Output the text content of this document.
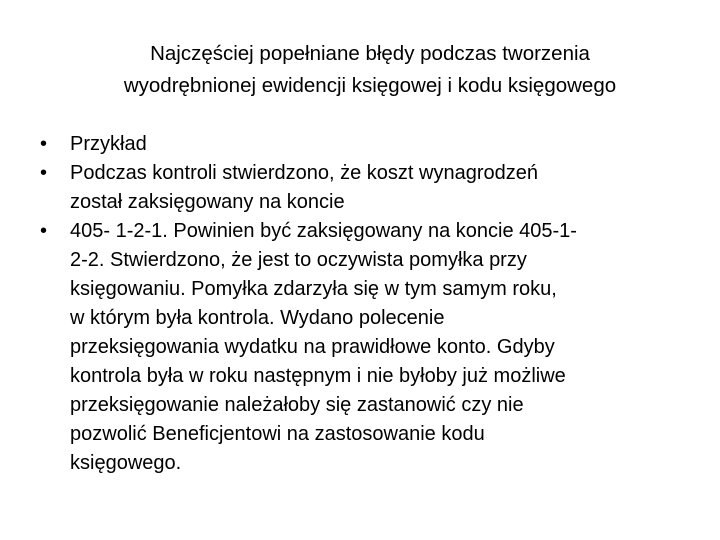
Najczęściej popełniane błędy podczas tworzenia
wyodrębnionej ewidencji księgowej i kodu księgowego
•	Przykład
•	Podczas kontroli stwierdzono, że koszt wynagrodzeń
został zaksięgowany na koncie
•	405- 1-2-1. Powinien być zaksięgowany na koncie 405-1-
2-2. Stwierdzono, że jest to oczywista pomyłka przy
księgowaniu. Pomyłka zdarzyła się w tym samym roku,
w którym była kontrola. Wydano polecenie
przeksięgowania wydatku na prawidłowe konto. Gdyby
kontrola była w roku następnym i nie byłoby już możliwe
przeksięgowanie należałoby się zastanowić czy nie
pozwolić Beneficjentowi na zastosowanie kodu
księgowego.
